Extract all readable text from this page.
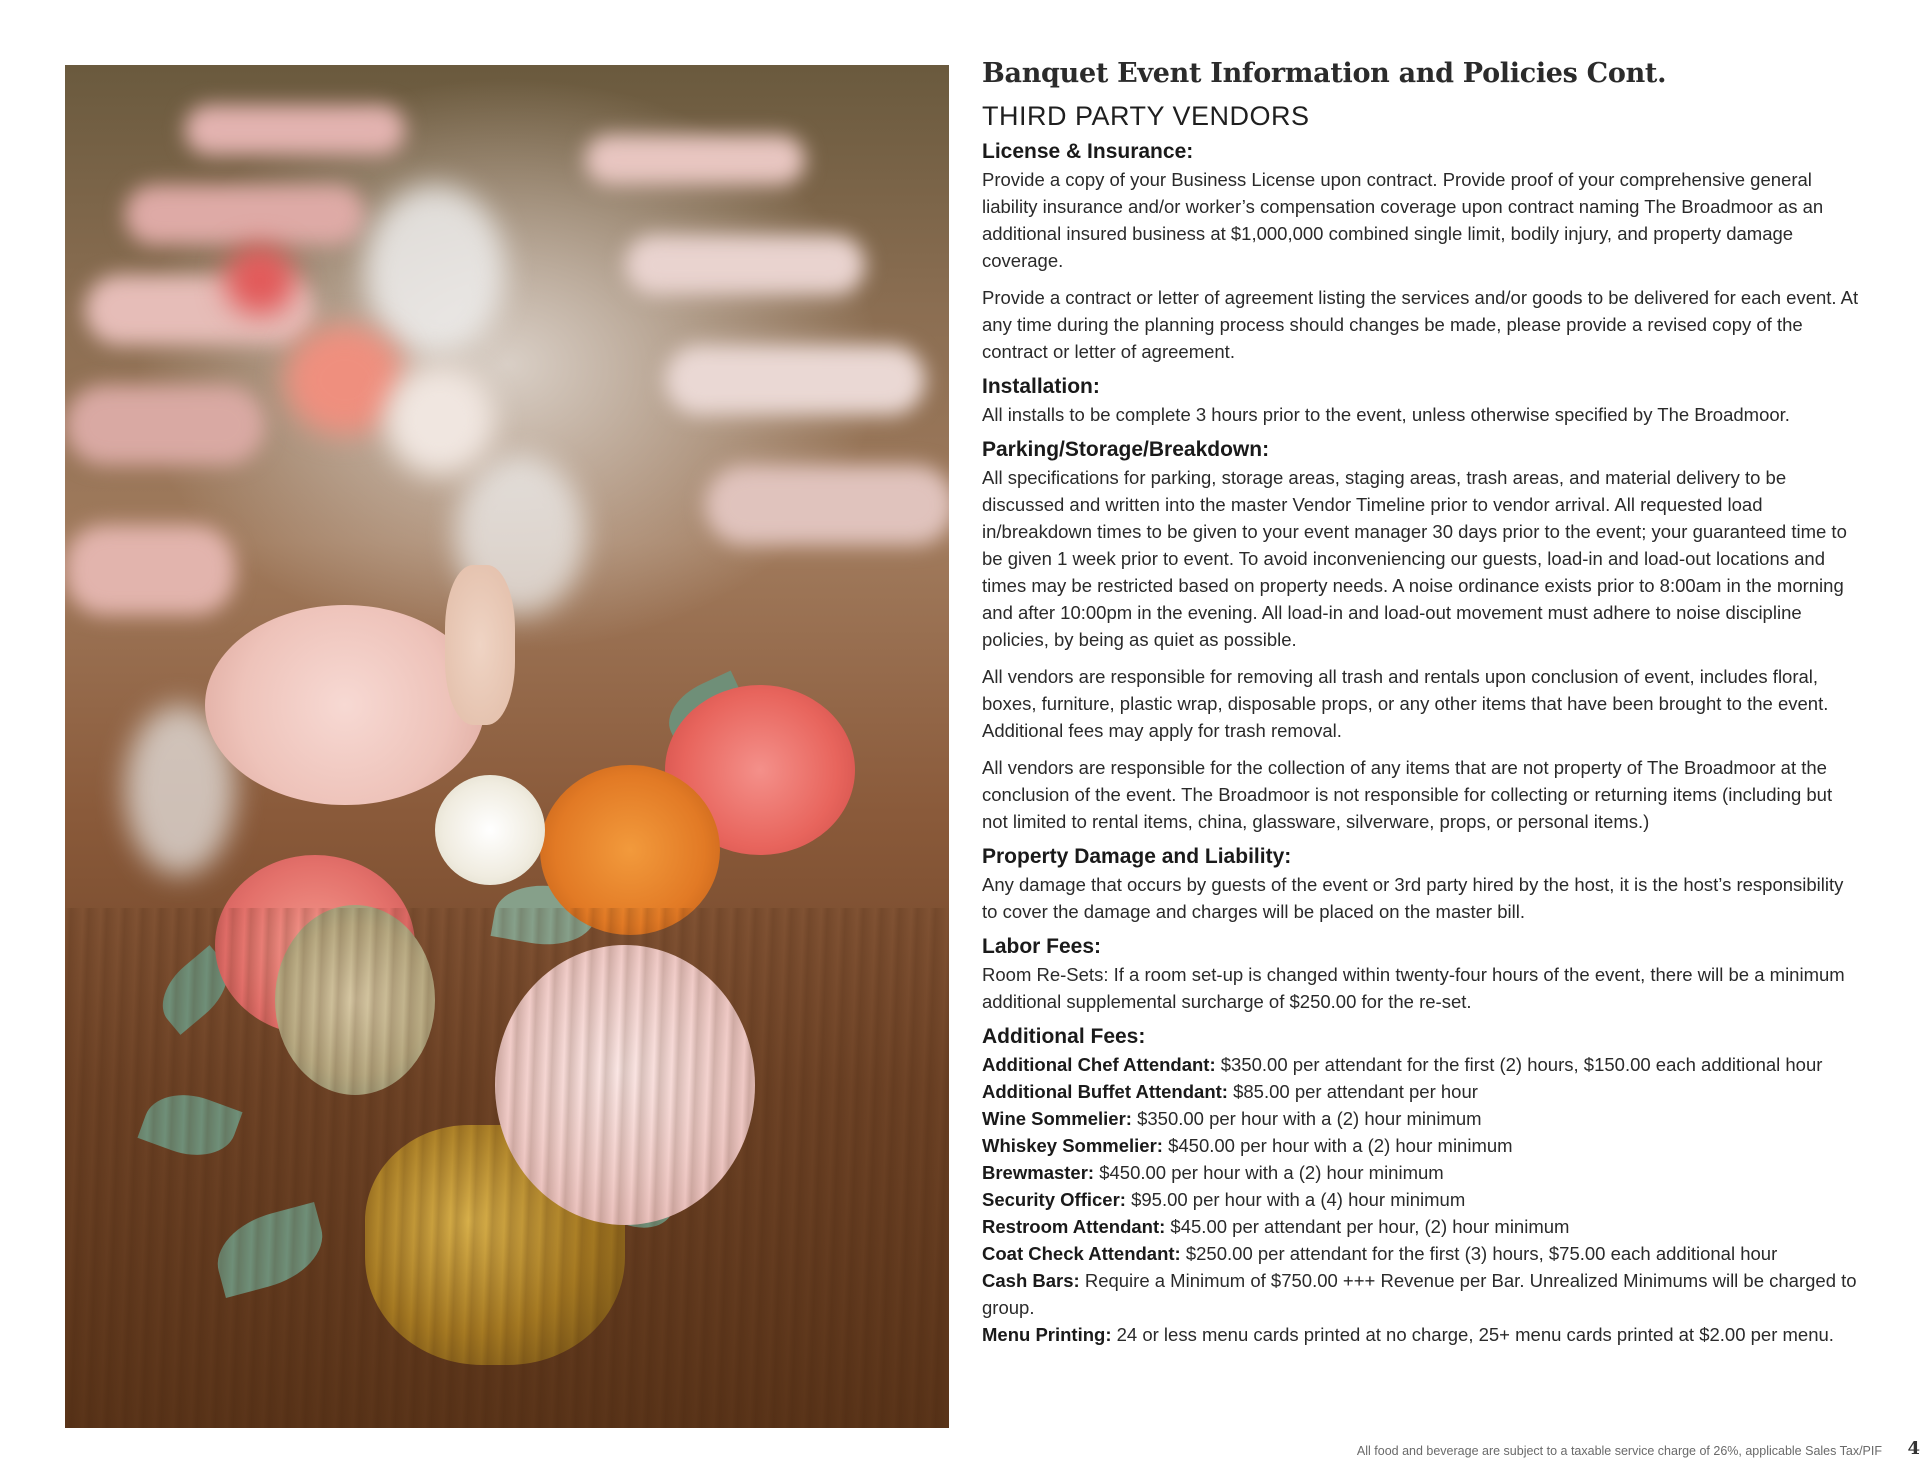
Banquet Event Information and Policies Cont.
THIRD PARTY VENDORS
License & Insurance:

Provide a copy of your Business License upon contract. Provide proof of your comprehensive general liability insurance and/or worker’s compensation coverage upon contract naming The Broadmoor as an additional insured business at $1,000,000 combined single limit, bodily injury, and property damage coverage.

Provide a contract or letter of agreement listing the services and/or goods to be delivered for each event. At any time during the planning process should changes be made, please provide a revised copy of the contract or letter of agreement.

Installation:

All installs to be complete 3 hours prior to the event, unless otherwise specified by The Broadmoor.

Parking/Storage/Breakdown:

All specifications for parking, storage areas, staging areas, trash areas, and material delivery to be discussed and written into the master Vendor Timeline prior to vendor arrival. All requested load in/breakdown times to be given to your event manager 30 days prior to the event; your guaranteed time to be given 1 week prior to event. To avoid inconveniencing our guests, load-in and load-out locations and times may be restricted based on property needs. A noise ordinance exists prior to 8:00am in the morning and after 10:00pm in the evening. All load-in and load-out movement must adhere to noise discipline policies, by being as quiet as possible.

All vendors are responsible for removing all trash and rentals upon conclusion of event, includes floral, boxes, furniture, plastic wrap, disposable props, or any other items that have been brought to the event. Additional fees may apply for trash removal.

All vendors are responsible for the collection of any items that are not property of The Broadmoor at the conclusion of the event. The Broadmoor is not responsible for collecting or returning items (including but not limited to rental items, china, glassware, silverware, props, or personal items.)

Property Damage and Liability:

Any damage that occurs by guests of the event or 3rd party hired by the host, it is the host’s responsibility to cover the damage and charges will be placed on the master bill.

Labor Fees:

Room Re-Sets: If a room set-up is changed within twenty-four hours of the event, there will be a minimum additional supplemental surcharge of $250.00 for the re-set.

Additional Fees:
Additional Chef Attendant: $350.00 per attendant for the first (2) hours, $150.00 each additional hour
Additional Buffet Attendant: $85.00 per attendant per hour
Wine Sommelier: $350.00 per hour with a (2) hour minimum
Whiskey Sommelier: $450.00 per hour with a (2) hour minimum
Brewmaster: $450.00 per hour with a (2) hour minimum
Security Officer: $95.00 per hour with a (4) hour minimum
Restroom Attendant: $45.00 per attendant per hour, (2) hour minimum
Coat Check Attendant: $250.00 per attendant for the first (3) hours, $75.00 each additional hour
Cash Bars: Require a Minimum of $750.00 +++ Revenue per Bar. Unrealized Minimums will be charged to group.
Menu Printing: 24 or less menu cards printed at no charge, 25+ menu cards printed at $2.00 per menu.
All food and beverage are subject to a taxable service charge of 26%, applicable Sales Tax/PIF 4
